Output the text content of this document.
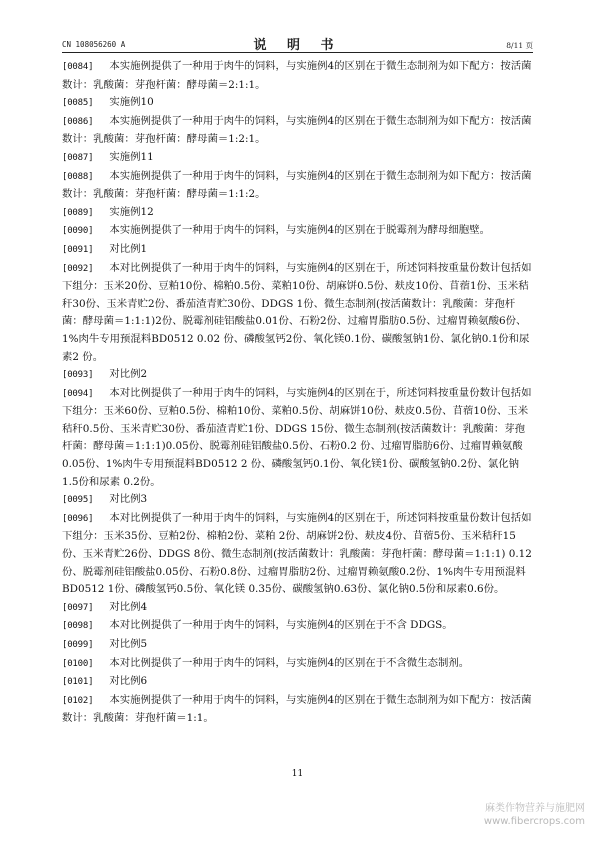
CN 108056260 A	说 明 书	8/11 页
[0084] 本实施例提供了一种用于肉牛的饲料，与实施例4的区别在于微生态制剂为如下配方：按活菌数计：乳酸菌：芽孢杆菌：酵母菌＝2:1:1。
[0085] 实施例10
[0086] 本实施例提供了一种用于肉牛的饲料，与实施例4的区别在于微生态制剂为如下配方：按活菌数计：乳酸菌：芽孢杆菌：酵母菌＝1:2:1。
[0087] 实施例11
[0088] 本实施例提供了一种用于肉牛的饲料，与实施例4的区别在于微生态制剂为如下配方：按活菌数计：乳酸菌：芽孢杆菌：酵母菌＝1:1:2。
[0089] 实施例12
[0090] 本实施例提供了一种用于肉牛的饲料，与实施例4的区别在于脱霉剂为酵母细胞壁。
[0091] 对比例1
[0092] 本对比例提供了一种用于肉牛的饲料，与实施例4的区别在于，所述饲料按重量份数计包括如下组分：玉米20份、豆粕10份、棉粕0.5份、菜粕10份、胡麻饼0.5份、麸皮10份、苜蓿1份、玉米秸秆30份、玉米青贮2份、番茄渣青贮30份、DDGS 1份、微生态制剂(按活菌数计：乳酸菌：芽孢杆菌：酵母菌＝1:1:1)2份、脱霉剂硅铝酸盐0.01份、石粉2份、过瘤胃脂肪0.5份、过瘤胃赖氨酸6份、1%肉牛专用预混料BD0512 0.02 份、磷酸氢钙2份、氧化镁0.1份、碳酸氢钠1份、氯化钠0.1份和尿素2 份。
[0093] 对比例2
[0094] 本对比例提供了一种用于肉牛的饲料，与实施例4的区别在于，所述饲料按重量份数计包括如下组分：玉米60份、豆粕0.5份、棉粕10份、菜粕0.5份、胡麻饼10份、麸皮0.5份、苜蓿10份、玉米秸秆0.5份、玉米青贮30份、番茄渣青贮1份、DDGS 15份、微生态制剂(按活菌数计：乳酸菌：芽孢杆菌：酵母菌＝1:1:1)0.05份、脱霉剂硅铝酸盐0.5份、石粉0.2 份、过瘤胃脂肪6份、过瘤胃赖氨酸0.05份、1%肉牛专用预混料BD0512 2 份、磷酸氢钙0.1份、氧化镁1份、碳酸氢钠0.2份、氯化钠1.5份和尿素 0.2份。
[0095] 对比例3
[0096] 本对比例提供了一种用于肉牛的饲料，与实施例4的区别在于，所述饲料按重量份数计包括如下组分：玉米35份、豆粕2份、棉粕2份、菜粕 2份、胡麻饼2份、麸皮4份、苜蓿5份、玉米秸秆15份、玉米青贮26份、DDGS 8份、微生态制剂(按活菌数计：乳酸菌：芽孢杆菌：酵母菌＝1:1:1) 0.12份、脱霉剂硅铝酸盐0.05份、石粉0.8份、过瘤胃脂肪2份、过瘤胃赖氨酸0.2份、1%肉牛专用预混料BD0512 1份、磷酸氢钙0.5份、氧化镁 0.35份、碳酸氢钠0.63份、氯化钠0.5份和尿素0.6份。
[0097] 对比例4
[0098] 本对比例提供了一种用于肉牛的饲料，与实施例4的区别在于不含 DDGS。
[0099] 对比例5
[0100] 本对比例提供了一种用于肉牛的饲料，与实施例4的区别在于不含微生态制剂。
[0101] 对比例6
[0102] 本实施例提供了一种用于肉牛的饲料，与实施例4的区别在于微生态制剂为如下配方：按活菌数计：乳酸菌：芽孢杆菌＝1:1。
11
麻类作物营养与施肥网
www.fibercrops.com
